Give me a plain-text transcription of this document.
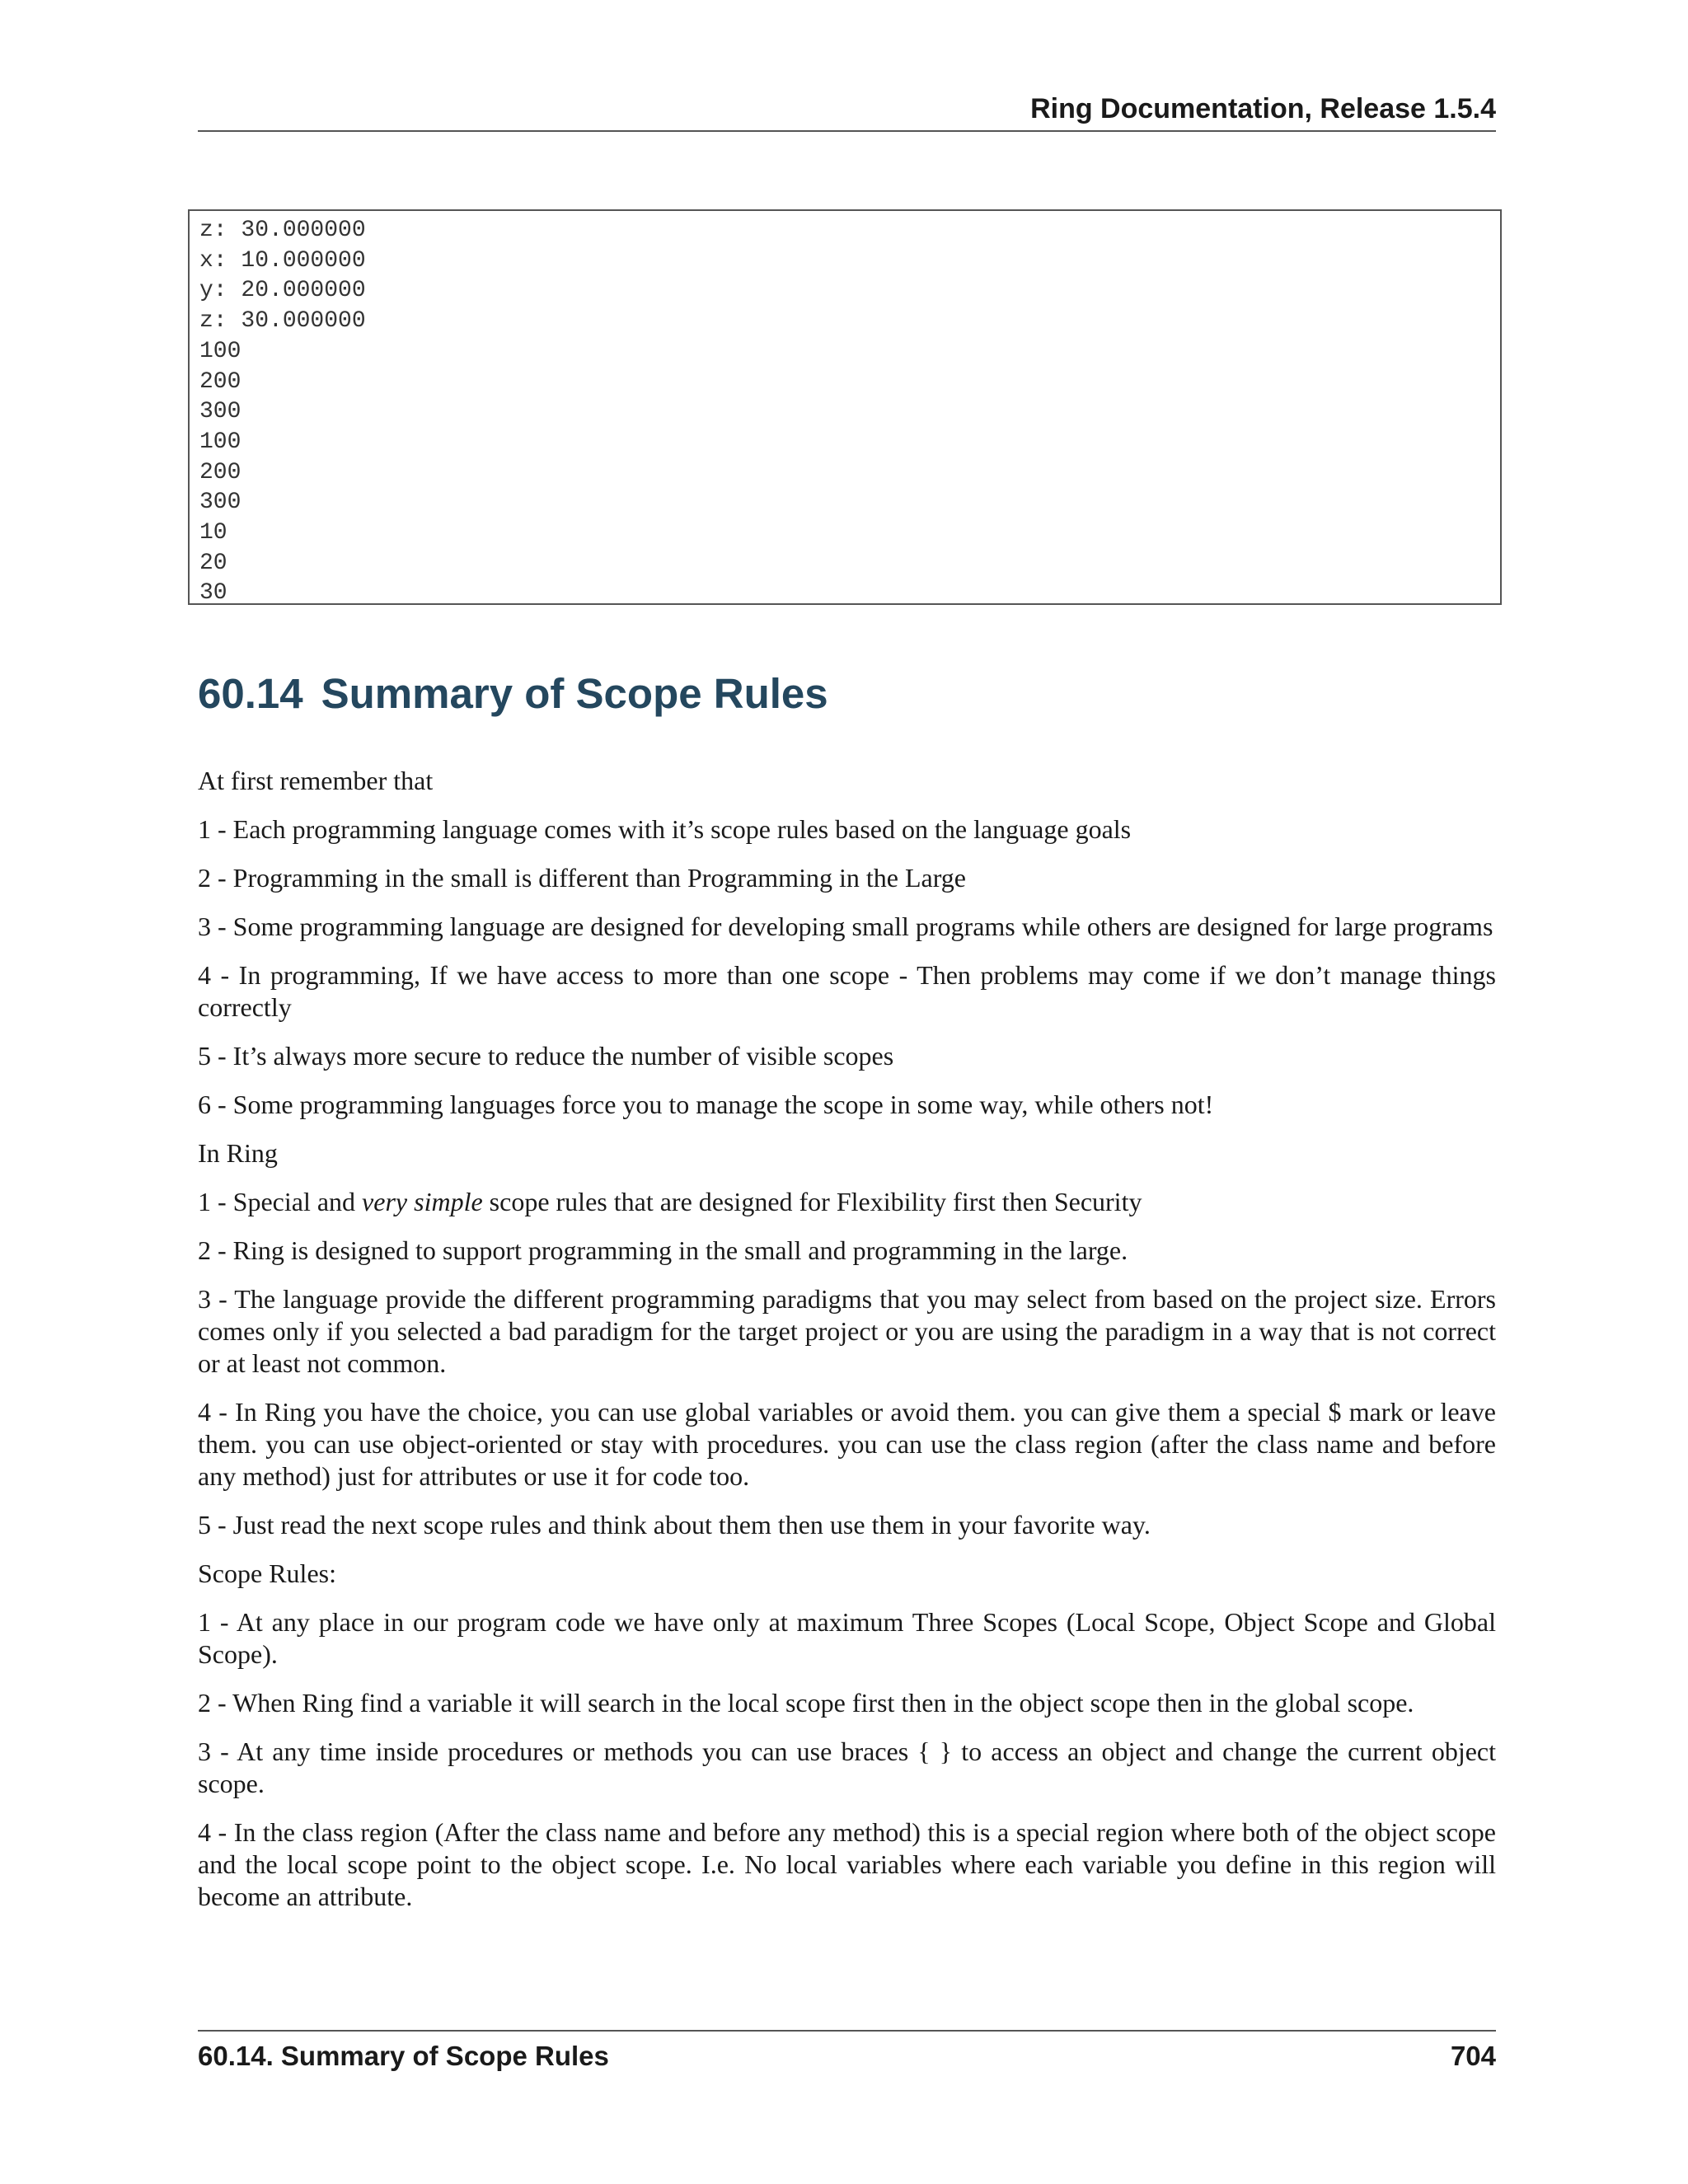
Ring Documentation, Release 1.5.4
z: 30.000000
x: 10.000000
y: 20.000000
z: 30.000000
100
200
300
100
200
300
10
20
30
60.14 Summary of Scope Rules

At first remember that

1 - Each programming language comes with it’s scope rules based on the language goals

2 - Programming in the small is different than Programming in the Large

3 - Some programming language are designed for developing small programs while others are designed for large programs

4 - In programming, If we have access to more than one scope - Then problems may come if we don’t manage things correctly

5 - It’s always more secure to reduce the number of visible scopes

6 - Some programming languages force you to manage the scope in some way, while others not!

In Ring

1 - Special and very simple scope rules that are designed for Flexibility first then Security

2 - Ring is designed to support programming in the small and programming in the large.

3 - The language provide the different programming paradigms that you may select from based on the project size. Errors comes only if you selected a bad paradigm for the target project or you are using the paradigm in a way that is not correct or at least not common.

4 - In Ring you have the choice, you can use global variables or avoid them. you can give them a special $ mark or leave them. you can use object-oriented or stay with procedures. you can use the class region (after the class name and before any method) just for attributes or use it for code too.

5 - Just read the next scope rules and think about them then use them in your favorite way.

Scope Rules:

1 - At any place in our program code we have only at maximum Three Scopes (Local Scope, Object Scope and Global Scope).

2 - When Ring find a variable it will search in the local scope first then in the object scope then in the global scope.

3 - At any time inside procedures or methods you can use braces { } to access an object and change the current object scope.

4 - In the class region (After the class name and before any method) this is a special region where both of the object scope and the local scope point to the object scope. I.e. No local variables where each variable you define in this region will become an attribute.

60.14. Summary of Scope Rules	704
